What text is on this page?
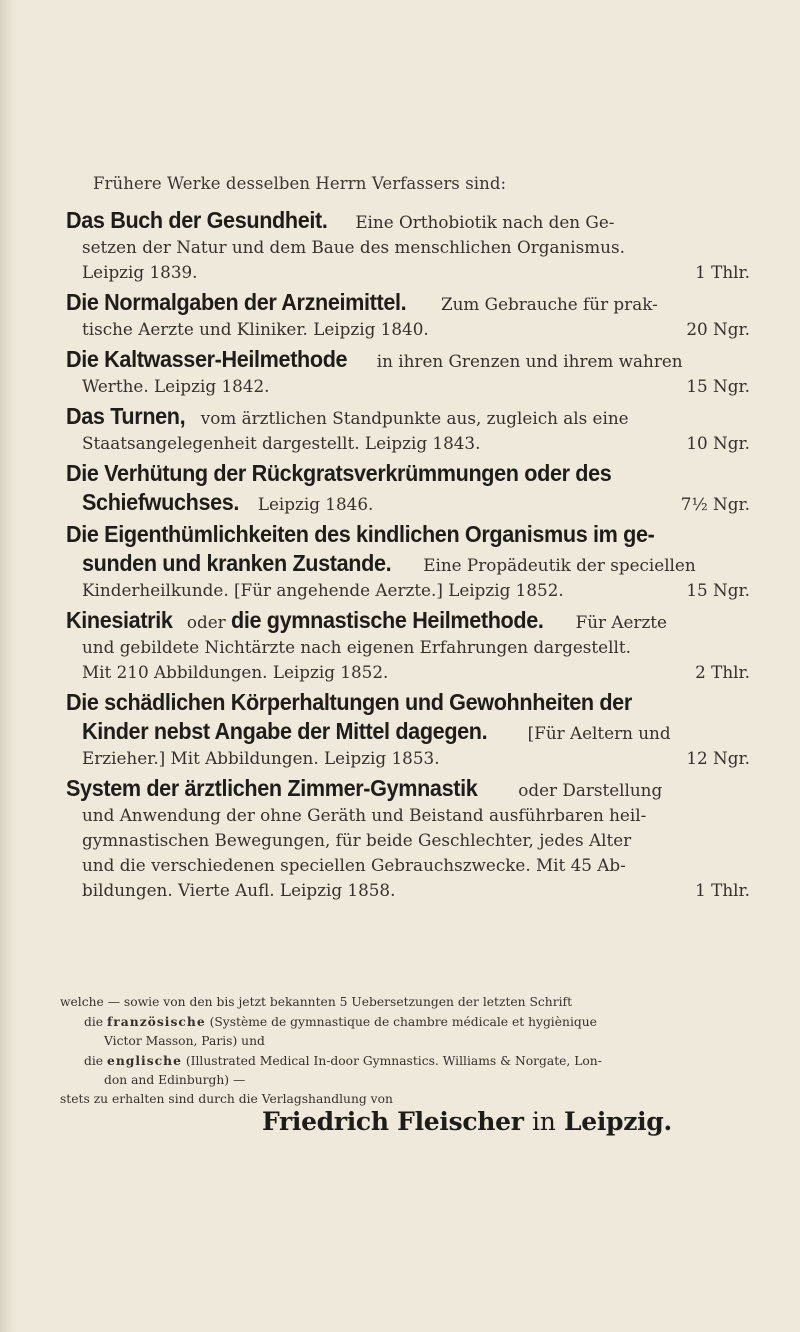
Frühere Werke desselben Herrn Verfassers sind:
Das Buch der Gesundheit. Eine Orthobiotik nach den Ge-
setzen der Natur und dem Baue des menschlichen Organismus.
Leipzig 1839.	1 Thlr.
Die Normalgaben der Arzneimittel. Zum Gebrauche für prak-
tische Aerzte und Kliniker. Leipzig 1840.	20 Ngr.
Die Kaltwasser-Heilmethode in ihren Grenzen und ihrem wahren
Werthe. Leipzig 1842.	15 Ngr.
Das Turnen, vom ärztlichen Standpunkte aus, zugleich als eine
Staatsangelegenheit dargestellt. Leipzig 1843.	10 Ngr.
Die Verhütung der Rückgratsverkrümmungen oder des
Schiefwuchses. Leipzig 1846.	7½ Ngr.
Die Eigenthümlichkeiten des kindlichen Organismus im ge-
sunden und kranken Zustande. Eine Propädeutik der speciellen
Kinderheilkunde. [Für angehende Aerzte.] Leipzig 1852.	15 Ngr.
Kinesiatrik oder die gymnastische Heilmethode. Für Aerzte
und gebildete Nichtärzte nach eigenen Erfahrungen dargestellt.
Mit 210 Abbildungen. Leipzig 1852.	2 Thlr.
Die schädlichen Körperhaltungen und Gewohnheiten der
Kinder nebst Angabe der Mittel dagegen. [Für Aeltern und
Erzieher.] Mit Abbildungen. Leipzig 1853.	12 Ngr.
System der ärztlichen Zimmer-Gymnastik oder Darstellung
und Anwendung der ohne Geräth und Beistand ausführbaren heil-
gymnastischen Bewegungen, für beide Geschlechter, jedes Alter
und die verschiedenen speciellen Gebrauchszwecke. Mit 45 Ab-
bildungen. Vierte Aufl. Leipzig 1858.	1 Thlr.
welche — sowie von den bis jetzt bekannten 5 Uebersetzungen der letzten Schrift
die französische (Système de gymnastique de chambre médicale et hygiènique
Victor Masson, Paris) und
die englische (Illustrated Medical In-door Gymnastics. Williams & Norgate, Lon-
don and Edinburgh) —
stets zu erhalten sind durch die Verlagshandlung von
Friedrich Fleischer in Leipzig.
